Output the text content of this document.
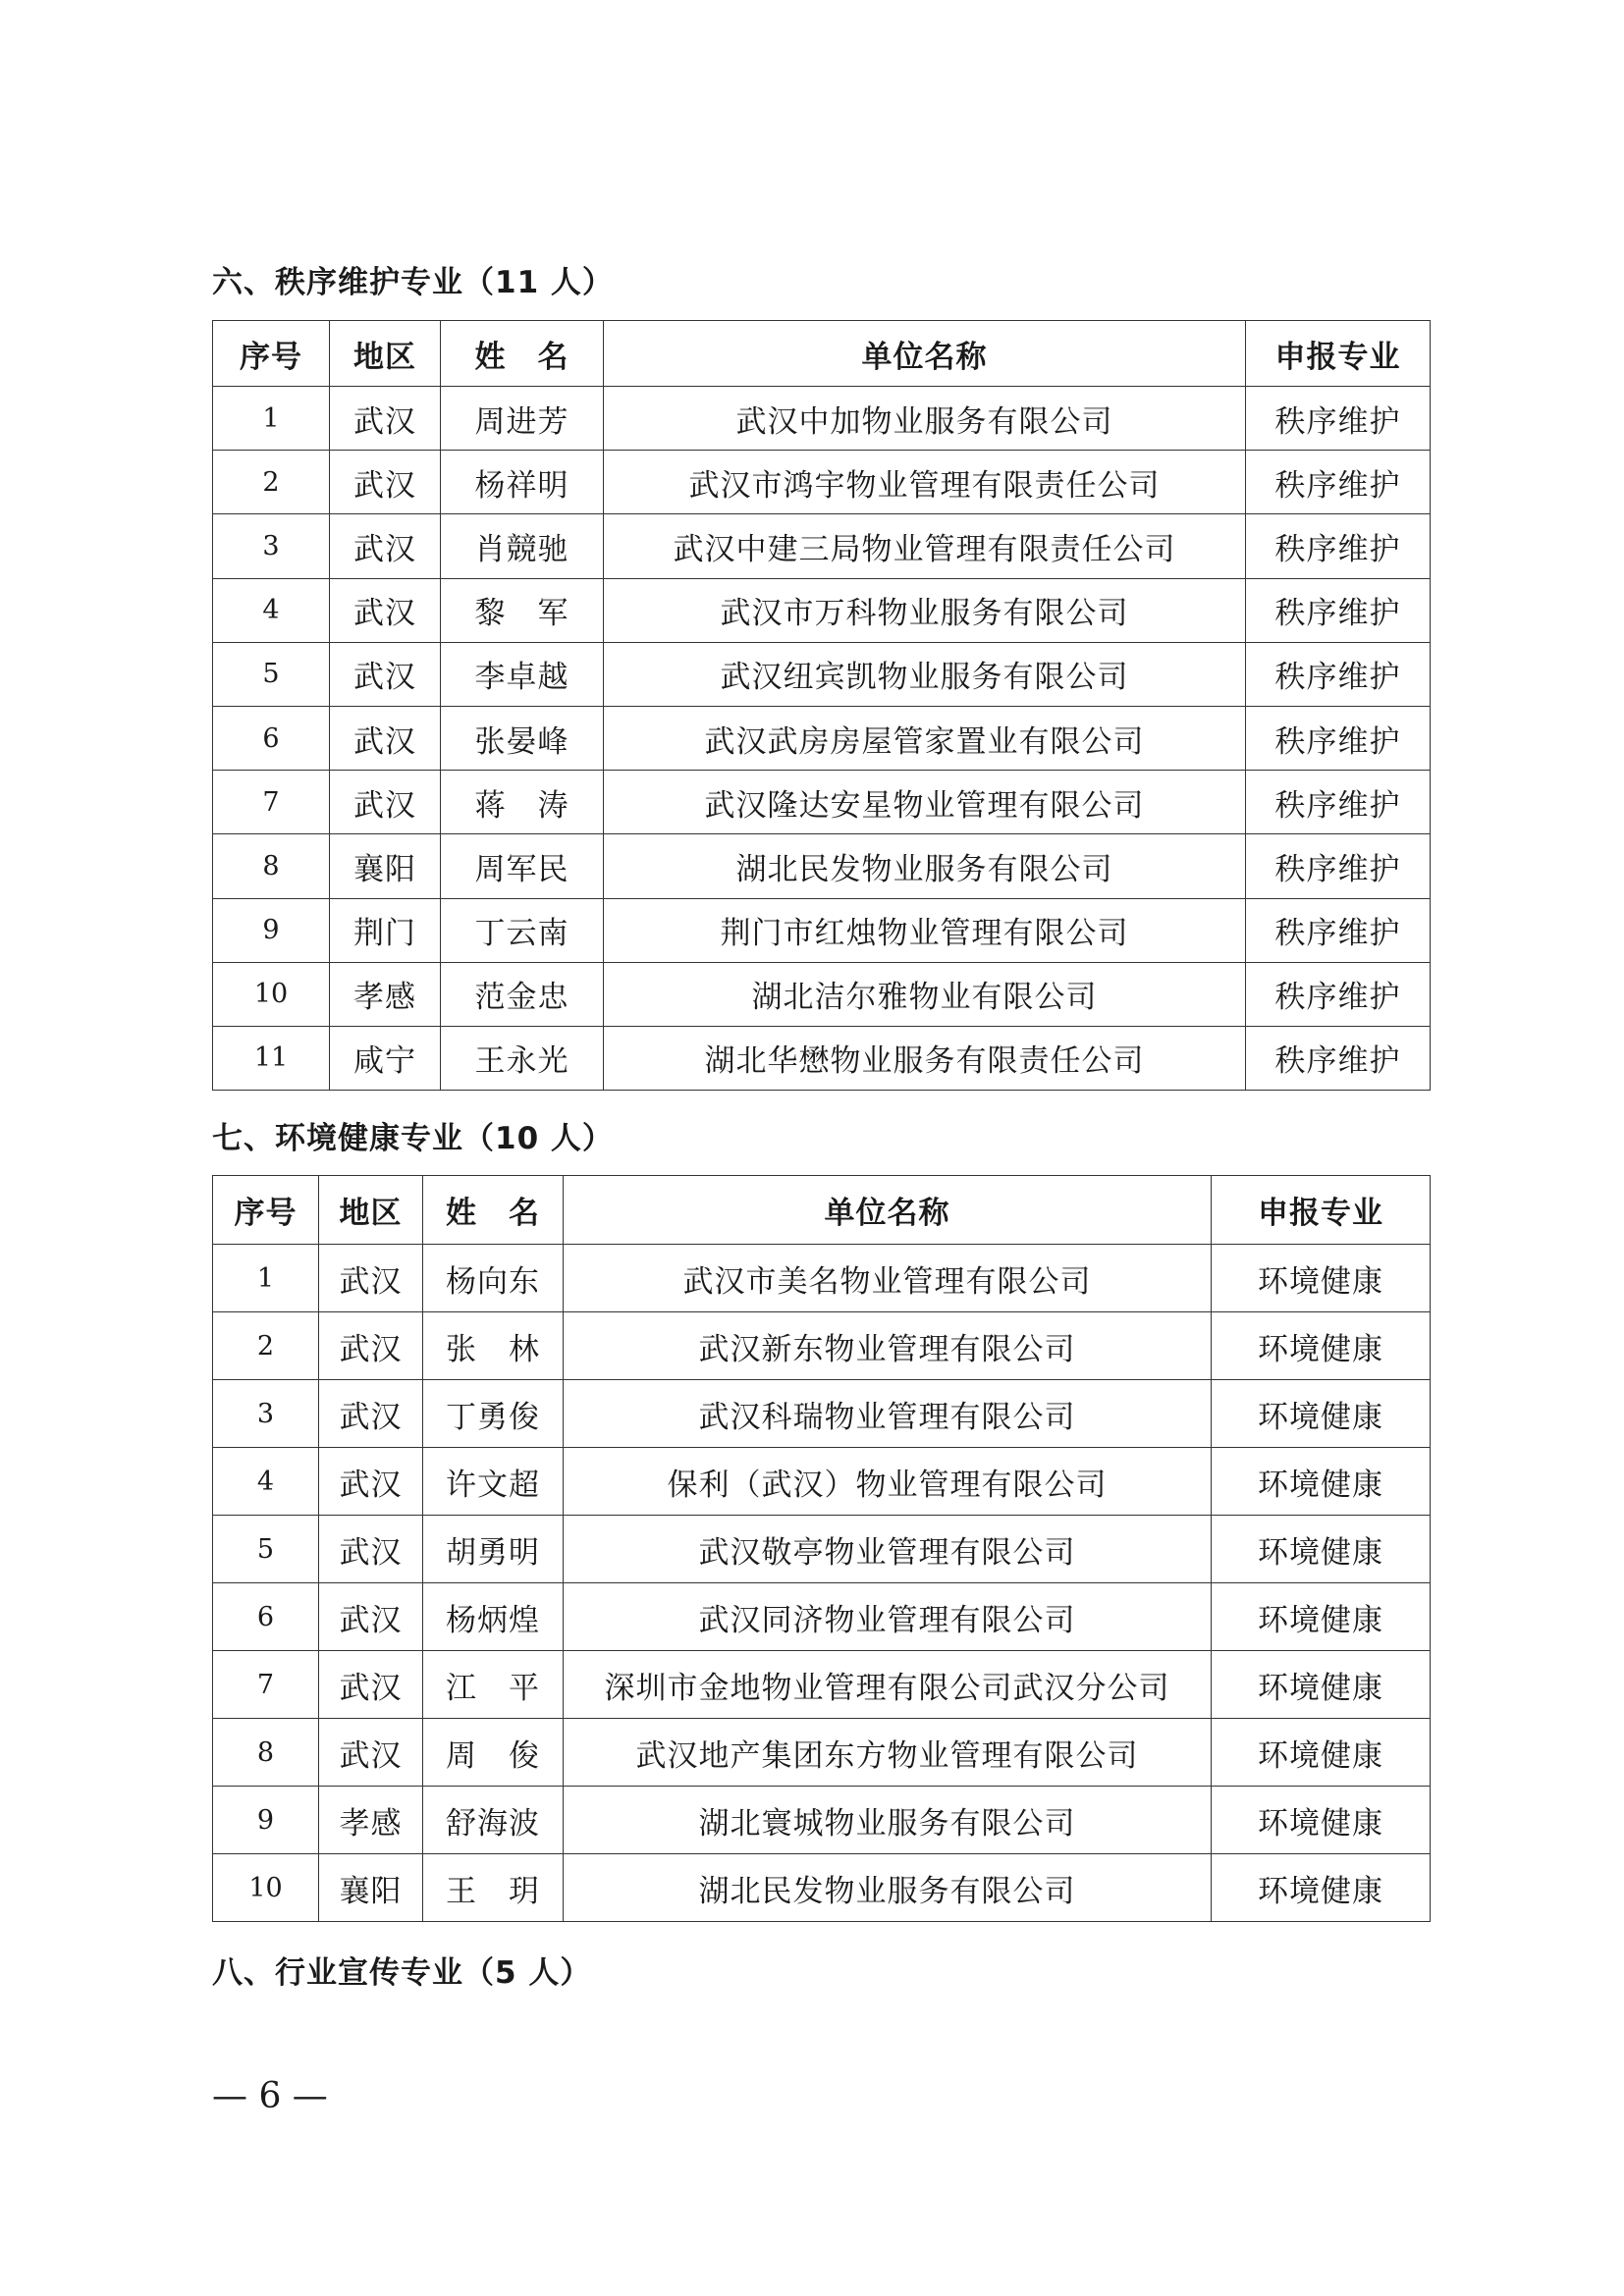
六、秩序维护专业（11 人）
序号	地区	姓　名	单位名称	申报专业
1	武汉	周进芳	武汉中加物业服务有限公司	秩序维护
2	武汉	杨祥明	武汉市鸿宇物业管理有限责任公司	秩序维护
3	武汉	肖競驰	武汉中建三局物业管理有限责任公司	秩序维护
4	武汉	黎　军	武汉市万科物业服务有限公司	秩序维护
5	武汉	李卓越	武汉纽宾凯物业服务有限公司	秩序维护
6	武汉	张晏峰	武汉武房房屋管家置业有限公司	秩序维护
7	武汉	蒋　涛	武汉隆达安星物业管理有限公司	秩序维护
8	襄阳	周军民	湖北民发物业服务有限公司	秩序维护
9	荆门	丁云南	荆门市红烛物业管理有限公司	秩序维护
10	孝感	范金忠	湖北洁尔雅物业有限公司	秩序维护
11	咸宁	王永光	湖北华懋物业服务有限责任公司	秩序维护
七、环境健康专业（10 人）
序号	地区	姓　名	单位名称	申报专业
1	武汉	杨向东	武汉市美名物业管理有限公司	环境健康
2	武汉	张　林	武汉新东物业管理有限公司	环境健康
3	武汉	丁勇俊	武汉科瑞物业管理有限公司	环境健康
4	武汉	许文超	保利（武汉）物业管理有限公司	环境健康
5	武汉	胡勇明	武汉敬亭物业管理有限公司	环境健康
6	武汉	杨炳煌	武汉同济物业管理有限公司	环境健康
7	武汉	江　平	深圳市金地物业管理有限公司武汉分公司	环境健康
8	武汉	周　俊	武汉地产集团东方物业管理有限公司	环境健康
9	孝感	舒海波	湖北寰城物业服务有限公司	环境健康
10	襄阳	王　玥	湖北民发物业服务有限公司	环境健康
八、行业宣传专业（5 人）
— 6 —
